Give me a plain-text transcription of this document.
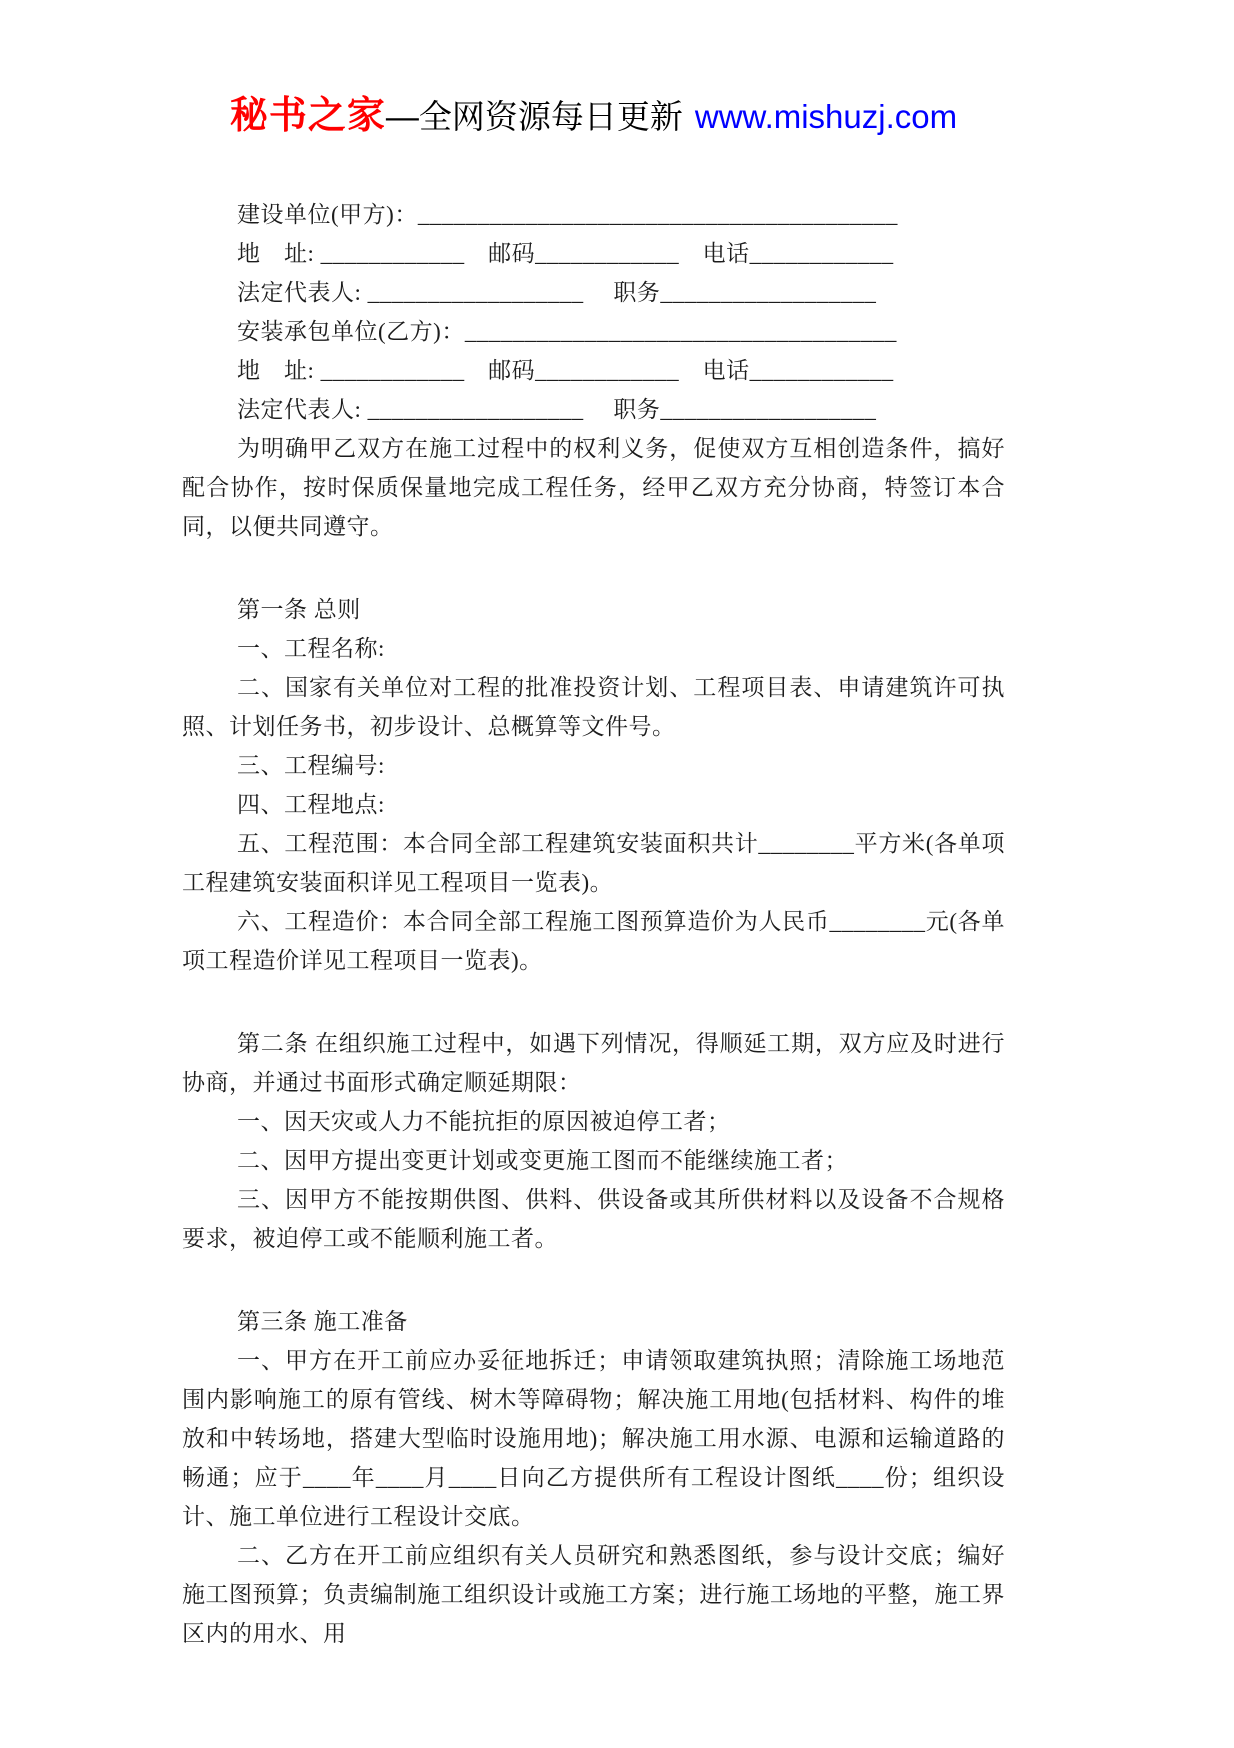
秘书之家—全网资源每日更新 www.mishuzj.com

建设单位(甲方)：________________________________________

地　址: ____________　邮码____________　电话____________

法定代表人: __________________　 职务__________________

安装承包单位(乙方)：____________________________________

地　址: ____________　邮码____________　电话____________

法定代表人: __________________　 职务__________________

为明确甲乙双方在施工过程中的权利义务，促使双方互相创造条件，搞好配合协作，按时保质保量地完成工程任务，经甲乙双方充分协商，特签订本合同，以便共同遵守。

第一条 总则

一、工程名称:

二、国家有关单位对工程的批准投资计划、工程项目表、申请建筑许可执照、计划任务书，初步设计、总概算等文件号。

三、工程编号:

四、工程地点:

五、工程范围：本合同全部工程建筑安装面积共计________平方米(各单项工程建筑安装面积详见工程项目一览表)。

六、工程造价：本合同全部工程施工图预算造价为人民币________元(各单项工程造价详见工程项目一览表)。

第二条 在组织施工过程中，如遇下列情况，得顺延工期，双方应及时进行协商，并通过书面形式确定顺延期限：

一、因天灾或人力不能抗拒的原因被迫停工者；

二、因甲方提出变更计划或变更施工图而不能继续施工者；

三、因甲方不能按期供图、供料、供设备或其所供材料以及设备不合规格要求，被迫停工或不能顺利施工者。

第三条 施工准备

一、甲方在开工前应办妥征地拆迁；申请领取建筑执照；清除施工场地范围内影响施工的原有管线、树木等障碍物；解决施工用地(包括材料、构件的堆放和中转场地，搭建大型临时设施用地)；解决施工用水源、电源和运输道路的畅通；应于____年____月____日向乙方提供所有工程设计图纸____份；组织设计、施工单位进行工程设计交底。

二、乙方在开工前应组织有关人员研究和熟悉图纸，参与设计交底；编好施工图预算；负责编制施工组织设计或施工方案；进行施工场地的平整，施工界区内的用水、用
